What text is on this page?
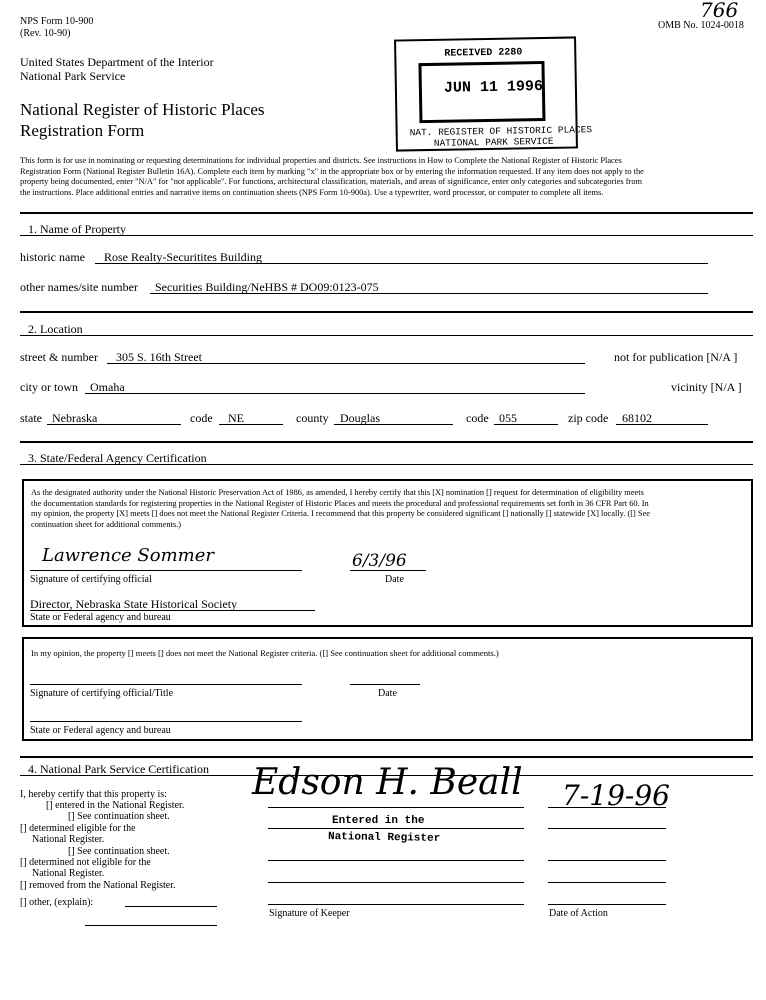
NPS Form 10-900
(Rev. 10-90)
OMB No. 1024-0018
766
United States Department of the Interior
National Park Service
National Register of Historic Places
Registration Form
RECEIVED 2280
JUN 11 1996
NAT. REGISTER OF HISTORIC PLACES
NATIONAL PARK SERVICE
This form is for use in nominating or requesting determinations for individual properties and districts. See instructions in How to Complete the National Register of Historic Places
Registration Form (National Register Bulletin 16A). Complete each item by marking "x" in the appropriate box or by entering the information requested. If any item does not apply to the
property being documented, enter "N/A" for "not applicable". For functions, architectural classification, materials, and areas of significance, enter only categories and subcategories from
the instructions. Place additional entries and narrative items on continuation sheets (NPS Form 10-900a). Use a typewriter, word processor, or computer to complete all items.
1. Name of Property
historic name Rose Realty-Securitites Building
other names/site number Securities Building/NeHBS # DO09:0123-075
2. Location
street & number 305 S. 16th Street	not for publication [N/A ]
city or town Omaha	vicinity [N/A ]
state Nebraska	code NE	county Douglas	code 055	zip code 68102
3. State/Federal Agency Certification
As the designated authority under the National Historic Preservation Act of 1986, as amended, I hereby certify that this [X] nomination [] request for determination of eligibility meets
the documentation standards for registering properties in the National Register of Historic Places and meets the procedural and professional requirements set forth in 36 CFR Part 60. In
my opinion, the property [X] meets [] does not meet the National Register Criteria. I recommend that this property be considered significant [] nationally [] statewide [X] locally. ([] See
continuation sheet for additional comments.)
Lawrence Sommer	6/3/96
Signature of certifying official	Date
Director, Nebraska State Historical Society
State or Federal agency and bureau
In my opinion, the property [] meets [] does not meet the National Register criteria. ([] See continuation sheet for additional comments.)
Signature of certifying official/Title	Date
State or Federal agency and bureau
4. National Park Service Certification
I, hereby certify that this property is:
[] entered in the National Register.
[] See continuation sheet.
[] determined eligible for the
National Register.
[] See continuation sheet.
[] determined not eligible for the
National Register.
[] removed from the National Register.
[] other, (explain):
Edson H. Beall 7-19-96
Entered in the
National Register
Signature of Keeper	Date of Action
